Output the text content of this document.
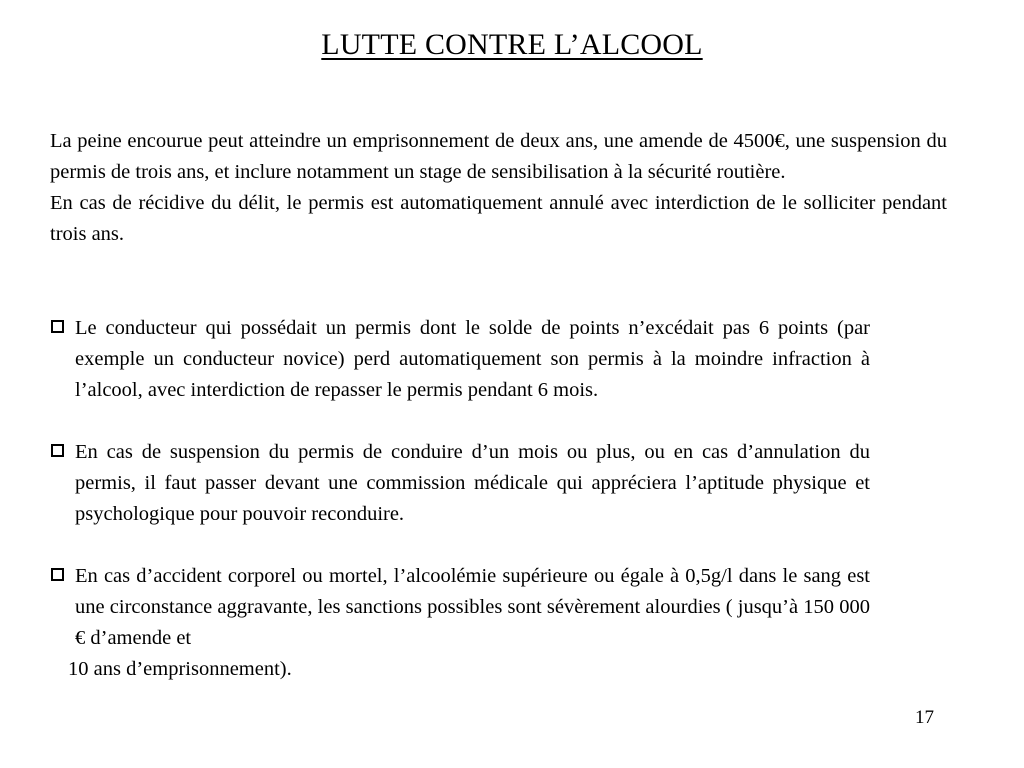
LUTTE CONTRE L’ALCOOL

La peine encourue peut atteindre un emprisonnement de deux ans, une amende de 4500€, une suspension du permis de trois ans, et inclure notamment un stage de sensibilisation à la sécurité routière.

En cas de récidive du délit, le permis est automatiquement annulé avec interdiction de le solliciter pendant trois ans.

Le conducteur qui possédait un permis dont le solde de points n’excédait pas 6 points (par exemple un conducteur novice) perd automatiquement son permis à la moindre infraction à l’alcool, avec interdiction de repasser le permis pendant 6 mois.

En cas de suspension du permis de conduire d’un mois ou plus, ou en cas d’annulation du permis, il faut passer devant une commission médicale qui appréciera l’aptitude physique et psychologique pour pouvoir reconduire.

En cas d’accident corporel ou mortel, l’alcoolémie supérieure ou égale à 0,5g/l dans le sang est une circonstance aggravante, les sanctions possibles sont sévèrement alourdies ( jusqu’à 150 000 € d’amende et

10 ans d’emprisonnement).
17
